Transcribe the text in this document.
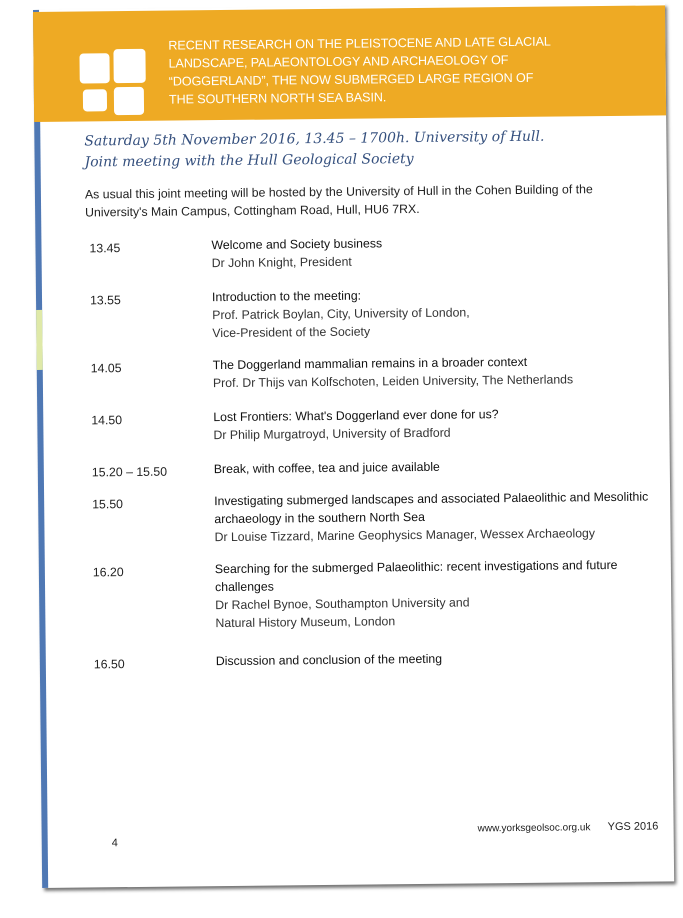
RECENT RESEARCH ON THE PLEISTOCENE AND LATE GLACIAL
LANDSCAPE, PALAEONTOLOGY AND ARCHAEOLOGY OF
“DOGGERLAND”, THE NOW SUBMERGED LARGE REGION OF
THE SOUTHERN NORTH SEA BASIN.
Saturday 5th November 2016, 13.45 – 1700h. University of Hull.
Joint meeting with the Hull Geological Society
As usual this joint meeting will be hosted by the University of Hull in the Cohen Building of the University's Main Campus, Cottingham Road, Hull, HU6 7RX.
13.45	Welcome and Society business
Dr John Knight, President
13.55	Introduction to the meeting:
Prof. Patrick Boylan, City, University of London,
Vice-President of the Society
14.05	The Doggerland mammalian remains in a broader context
Prof. Dr Thijs van Kolfschoten, Leiden University, The Netherlands
14.50	Lost Frontiers: What's Doggerland ever done for us?
Dr Philip Murgatroyd, University of Bradford
15.20 – 15.50	Break, with coffee, tea and juice available
15.50	Investigating submerged landscapes and associated Palaeolithic and Mesolithic archaeology in the southern North Sea
Dr Louise Tizzard, Marine Geophysics Manager, Wessex Archaeology
16.20	Searching for the submerged Palaeolithic: recent investigations and future challenges
Dr Rachel Bynoe, Southampton University and
Natural History Museum, London
16.50	Discussion and conclusion of the meeting
4
www.yorksgeolsoc.org.uk YGS 2016
